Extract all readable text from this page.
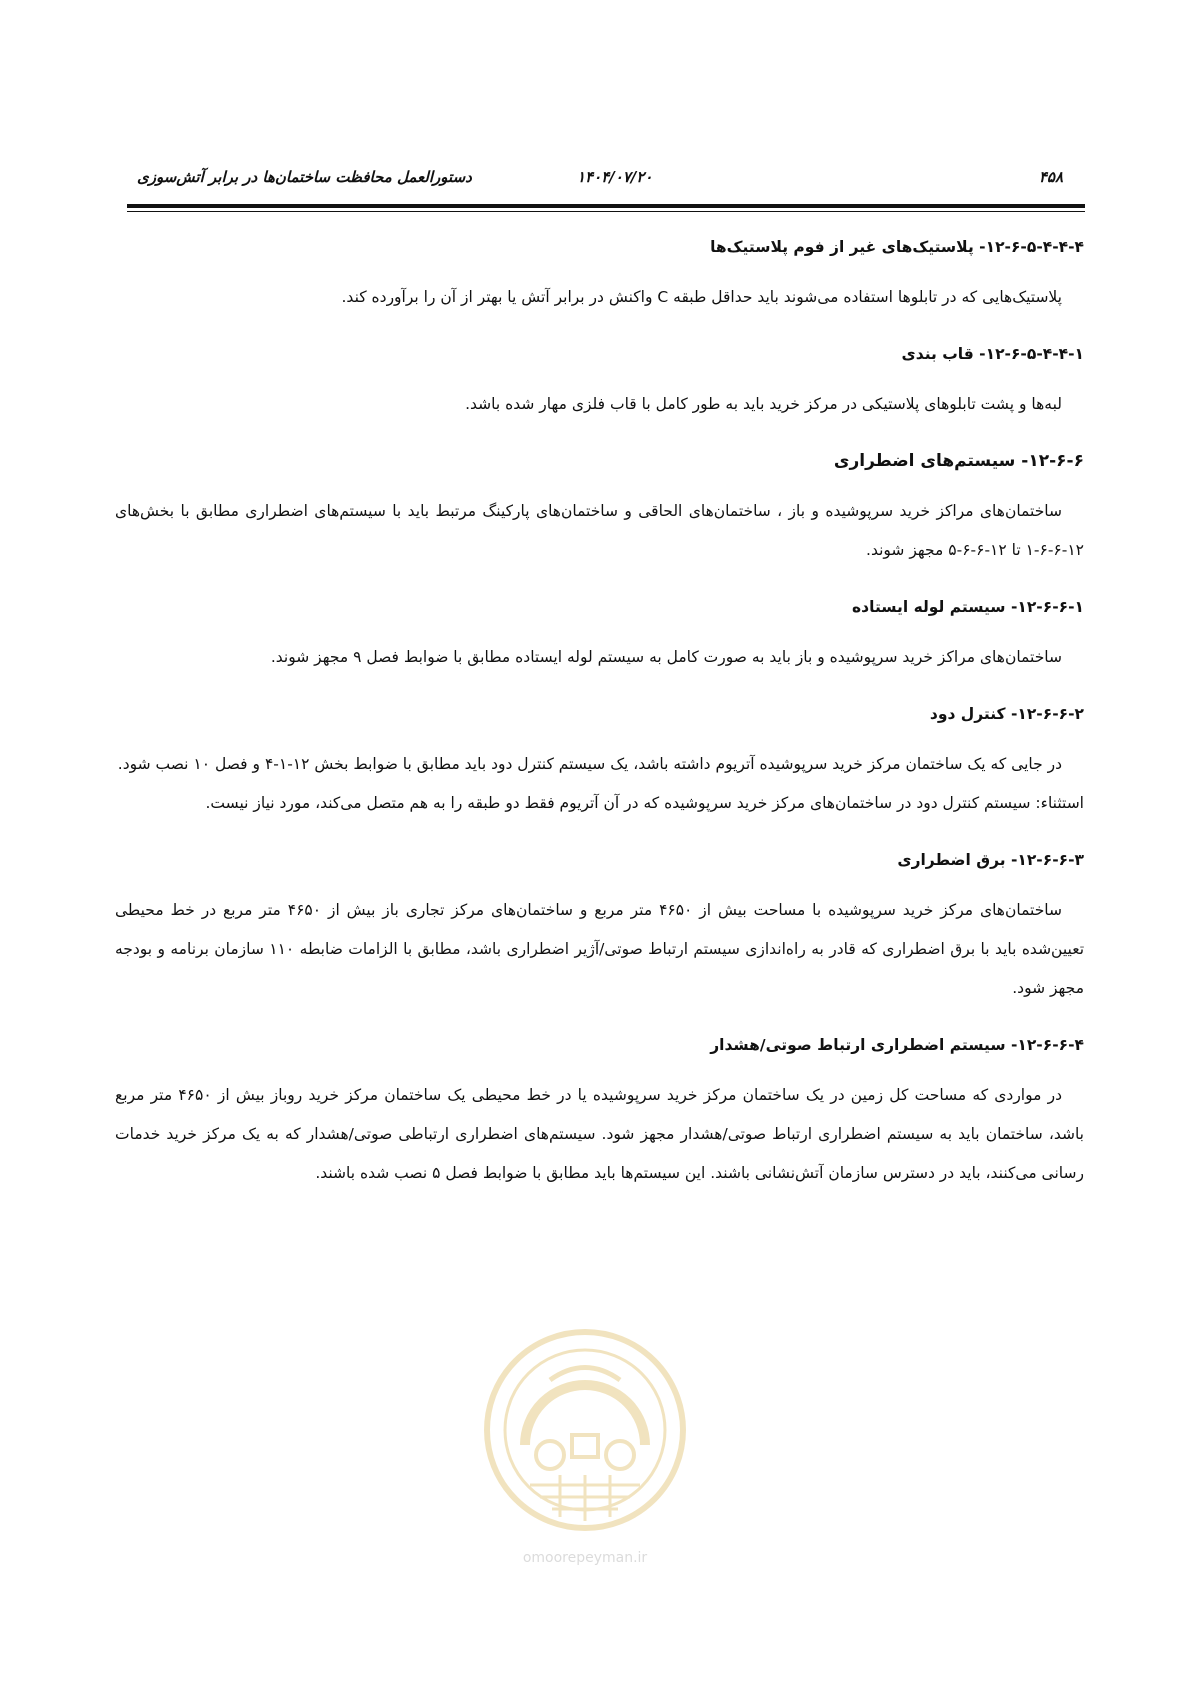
۴۵۸
۱۴۰۴/۰۷/۲۰
دستورالعمل محافظت ساختمان‌ها در برابر آتش‌سوزی
۱۲-۶-۵-۴-۴-۴- پلاستیک‌های غیر از فوم پلاستیک‌ها

پلاستیک‌هایی که در تابلوها استفاده می‌شوند باید حداقل طبقه C واکنش در برابر آتش یا بهتر از آن را برآورده کند.

۱۲-۶-۵-۴-۴-۱- قاب بندی

لبه‌ها و پشت تابلوهای پلاستیکی در مرکز خرید باید به طور کامل با قاب فلزی مهار شده باشد.

۱۲-۶-۶- سیستم‌های اضطراری

ساختمان‌های مراکز خرید سرپوشیده و باز ، ساختمان‌های الحاقی و ساختمان‌های پارکینگ مرتبط باید با سیستم‌های اضطراری مطابق با بخش‌های ۱۲-۶-۶-۱ تا ۱۲-۶-۶-۵ مجهز شوند.

۱۲-۶-۶-۱- سیستم لوله ایستاده

ساختمان‌های مراکز خرید سرپوشیده و باز باید به صورت کامل به سیستم لوله ایستاده مطابق با ضوابط فصل ۹ مجهز شوند.

۱۲-۶-۶-۲- کنترل دود

در جایی که یک ساختمان مرکز خرید سرپوشیده آتریوم داشته باشد، یک سیستم کنترل دود باید مطابق با ضوابط بخش ۱۲-۱-۴ و فصل ۱۰ نصب شود.

استثناء: سیستم کنترل دود در ساختمان‌های مرکز خرید سرپوشیده که در آن آتریوم فقط دو طبقه را به هم متصل می‌کند، مورد نیاز نیست.

۱۲-۶-۶-۳- برق اضطراری

ساختمان‌های مرکز خرید سرپوشیده با مساحت بیش از ۴۶۵۰ متر مربع و ساختمان‌های مرکز تجاری باز بیش از ۴۶۵۰ متر مربع در خط محیطی تعیین‌شده باید با برق اضطراری که قادر به راه‌اندازی سیستم ارتباط صوتی/آژیر اضطراری باشد، مطابق با الزامات ضابطه ۱۱۰ سازمان برنامه و بودجه مجهز شود.

۱۲-۶-۶-۴- سیستم اضطراری ارتباط صوتی/هشدار

در مواردی که مساحت کل زمین در یک ساختمان مرکز خرید سرپوشیده یا در خط محیطی یک ساختمان مرکز خرید روباز بیش از ۴۶۵۰ متر مربع باشد، ساختمان باید به سیستم اضطراری ارتباط صوتی/هشدار مجهز شود. سیستم‌های اضطراری ارتباطی صوتی/هشدار که به یک مرکز خرید خدمات رسانی می‌کنند، باید در دسترس سازمان آتش‌نشانی باشند. این سیستم‌ها باید مطابق با ضوابط فصل ۵ نصب شده باشند.

omoorepeyman.ir
